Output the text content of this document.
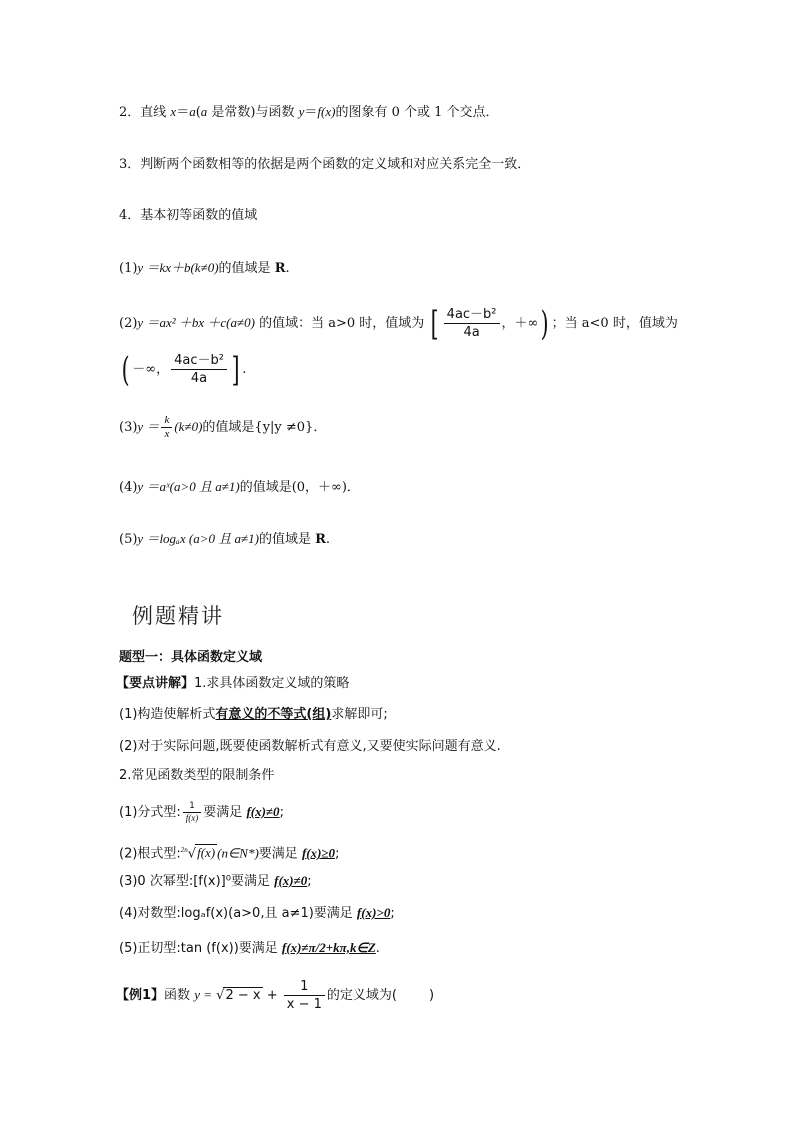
2．直线 x＝a(a 是常数)与函数 y＝f(x)的图象有 0 个或 1 个交点．
3．判断两个函数相等的依据是两个函数的定义域和对应关系完全一致．
4．基本初等函数的值域
(1)y ＝kx＋b(k≠0)的值域是 R.
(2)y ＝ax² ＋bx ＋c(a≠0) 的值域：当 a>0 时，值域为 [ $\frac{\text{4ac－b²}}{4a}$ ，＋∞) ；当 a<0 时，值域为
( －∞， $\frac{\text{4ac－b²}}{4a}$ ] .
$(3)y = \frac{k}{x} (k\ne 0)$的值域是{y|y ≠0}．
(4)y ＝aˣ(a>0 且 a≠1)的值域是(0，＋∞)．
(5)y ＝logₐx (a>0 且 a≠1)的值域是 R.
例题精讲
题型一：具体函数定义域
【要点讲解】1.求具体函数定义域的策略
(1)构造使解析式有意义的不等式(组)求解即可;
(2)对于实际问题,既要使函数解析式有意义,又要使实际问题有意义.
2.常见函数类型的限制条件
(1)分式型: $\frac{1}{f(x)}$ 要满足 f(x)≠0;
(2)根式型:$^{2n}$√f(x) (n∈N*)要满足 f(x)≥0;
(3)0 次幂型:[f(x)]⁰要满足 f(x)≠0;
(4)对数型:logₐf(x)(a>0,且 a≠1)要满足 f(x)>0;
(5)正切型:tan (f(x))要满足 f(x)≠π/2+kπ,k∈Z.
【例1】函数 $y = √2 - x + \frac{1}{x - 1}$ 的定义域为( )
